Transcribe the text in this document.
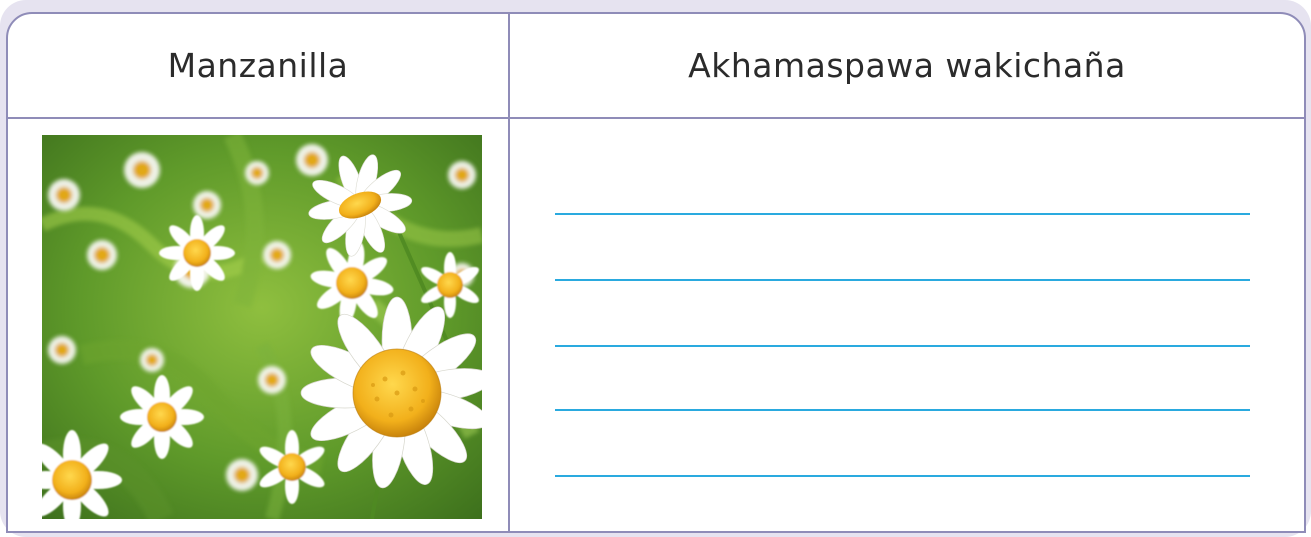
Manzanilla	Akhamaspawa wakichaña
